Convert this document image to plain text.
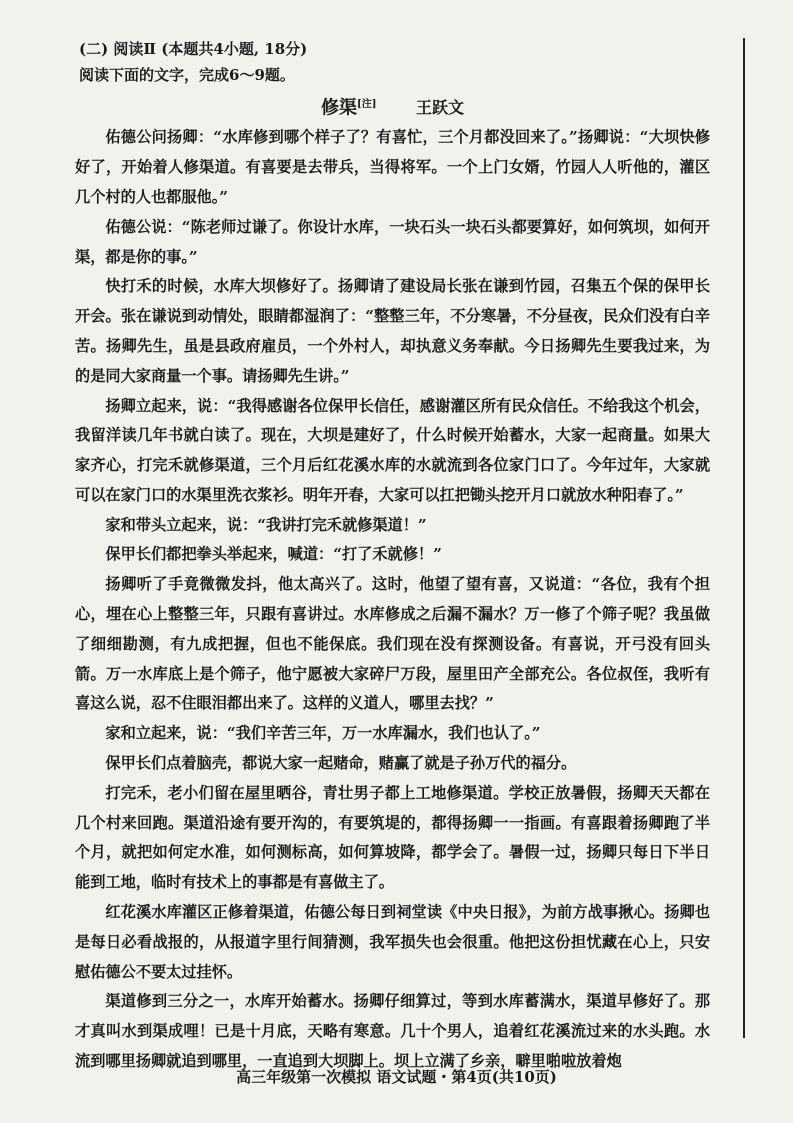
(二) 阅读Ⅱ (本题共4小题, 18分)
阅读下面的文字，完成6～9题。
修渠[注] 王跃文

佑德公问扬卿：“水库修到哪个样子了？有喜忙，三个月都没回来了。”扬卿说：“大坝快修好了，开始着人修渠道。有喜要是去带兵，当得将军。一个上门女婿，竹园人人听他的，灌区几个村的人也都服他。”

佑德公说：“陈老师过谦了。你设计水库，一块石头一块石头都要算好，如何筑坝，如何开渠，都是你的事。”

快打禾的时候，水库大坝修好了。扬卿请了建设局长张在谦到竹园，召集五个保的保甲长开会。张在谦说到动情处，眼睛都湿润了：“整整三年，不分寒暑，不分昼夜，民众们没有白辛苦。扬卿先生，虽是县政府雇员，一个外村人，却执意义务奉献。今日扬卿先生要我过来，为的是同大家商量一个事。请扬卿先生讲。”

扬卿立起来，说：“我得感谢各位保甲长信任，感谢灌区所有民众信任。不给我这个机会，我留洋读几年书就白读了。现在，大坝是建好了，什么时候开始蓄水，大家一起商量。如果大家齐心，打完禾就修渠道，三个月后红花溪水库的水就流到各位家门口了。今年过年，大家就可以在家门口的水渠里洗衣浆衫。明年开春，大家可以扛把锄头挖开月口就放水种阳春了。”

家和带头立起来，说：“我讲打完禾就修渠道！”

保甲长们都把拳头举起来，喊道：“打了禾就修！”

扬卿听了手竟微微发抖，他太高兴了。这时，他望了望有喜，又说道：“各位，我有个担心，埋在心上整整三年，只跟有喜讲过。水库修成之后漏不漏水？万一修了个筛子呢？我虽做了细细勘测，有九成把握，但也不能保底。我们现在没有探测设备。有喜说，开弓没有回头箭。万一水库底上是个筛子，他宁愿被大家碎尸万段，屋里田产全部充公。各位叔侄，我听有喜这么说，忍不住眼泪都出来了。这样的义道人，哪里去找？”

家和立起来，说：“我们辛苦三年，万一水库漏水，我们也认了。”

保甲长们点着脑壳，都说大家一起赌命，赌赢了就是子孙万代的福分。

打完禾，老小们留在屋里晒谷，青壮男子都上工地修渠道。学校正放暑假，扬卿天天都在几个村来回跑。渠道沿途有要开沟的，有要筑堤的，都得扬卿一一指画。有喜跟着扬卿跑了半个月，就把如何定水准，如何测标高，如何算坡降，都学会了。暑假一过，扬卿只每日下半日能到工地，临时有技术上的事都是有喜做主了。

红花溪水库灌区正修着渠道，佑德公每日到祠堂读《中央日报》，为前方战事揪心。扬卿也是每日必看战报的，从报道字里行间猜测，我军损失也会很重。他把这份担忧藏在心上，只安慰佑德公不要太过挂怀。

渠道修到三分之一，水库开始蓄水。扬卿仔细算过，等到水库蓄满水，渠道早修好了。那才真叫水到渠成哩！已是十月底，天略有寒意。几十个男人，追着红花溪流过来的水头跑。水流到哪里扬卿就追到哪里，一直追到大坝脚上。坝上立满了乡亲，噼里啪啦放着炮

高三年级第一次模拟 语文试题・第4页(共10页)
